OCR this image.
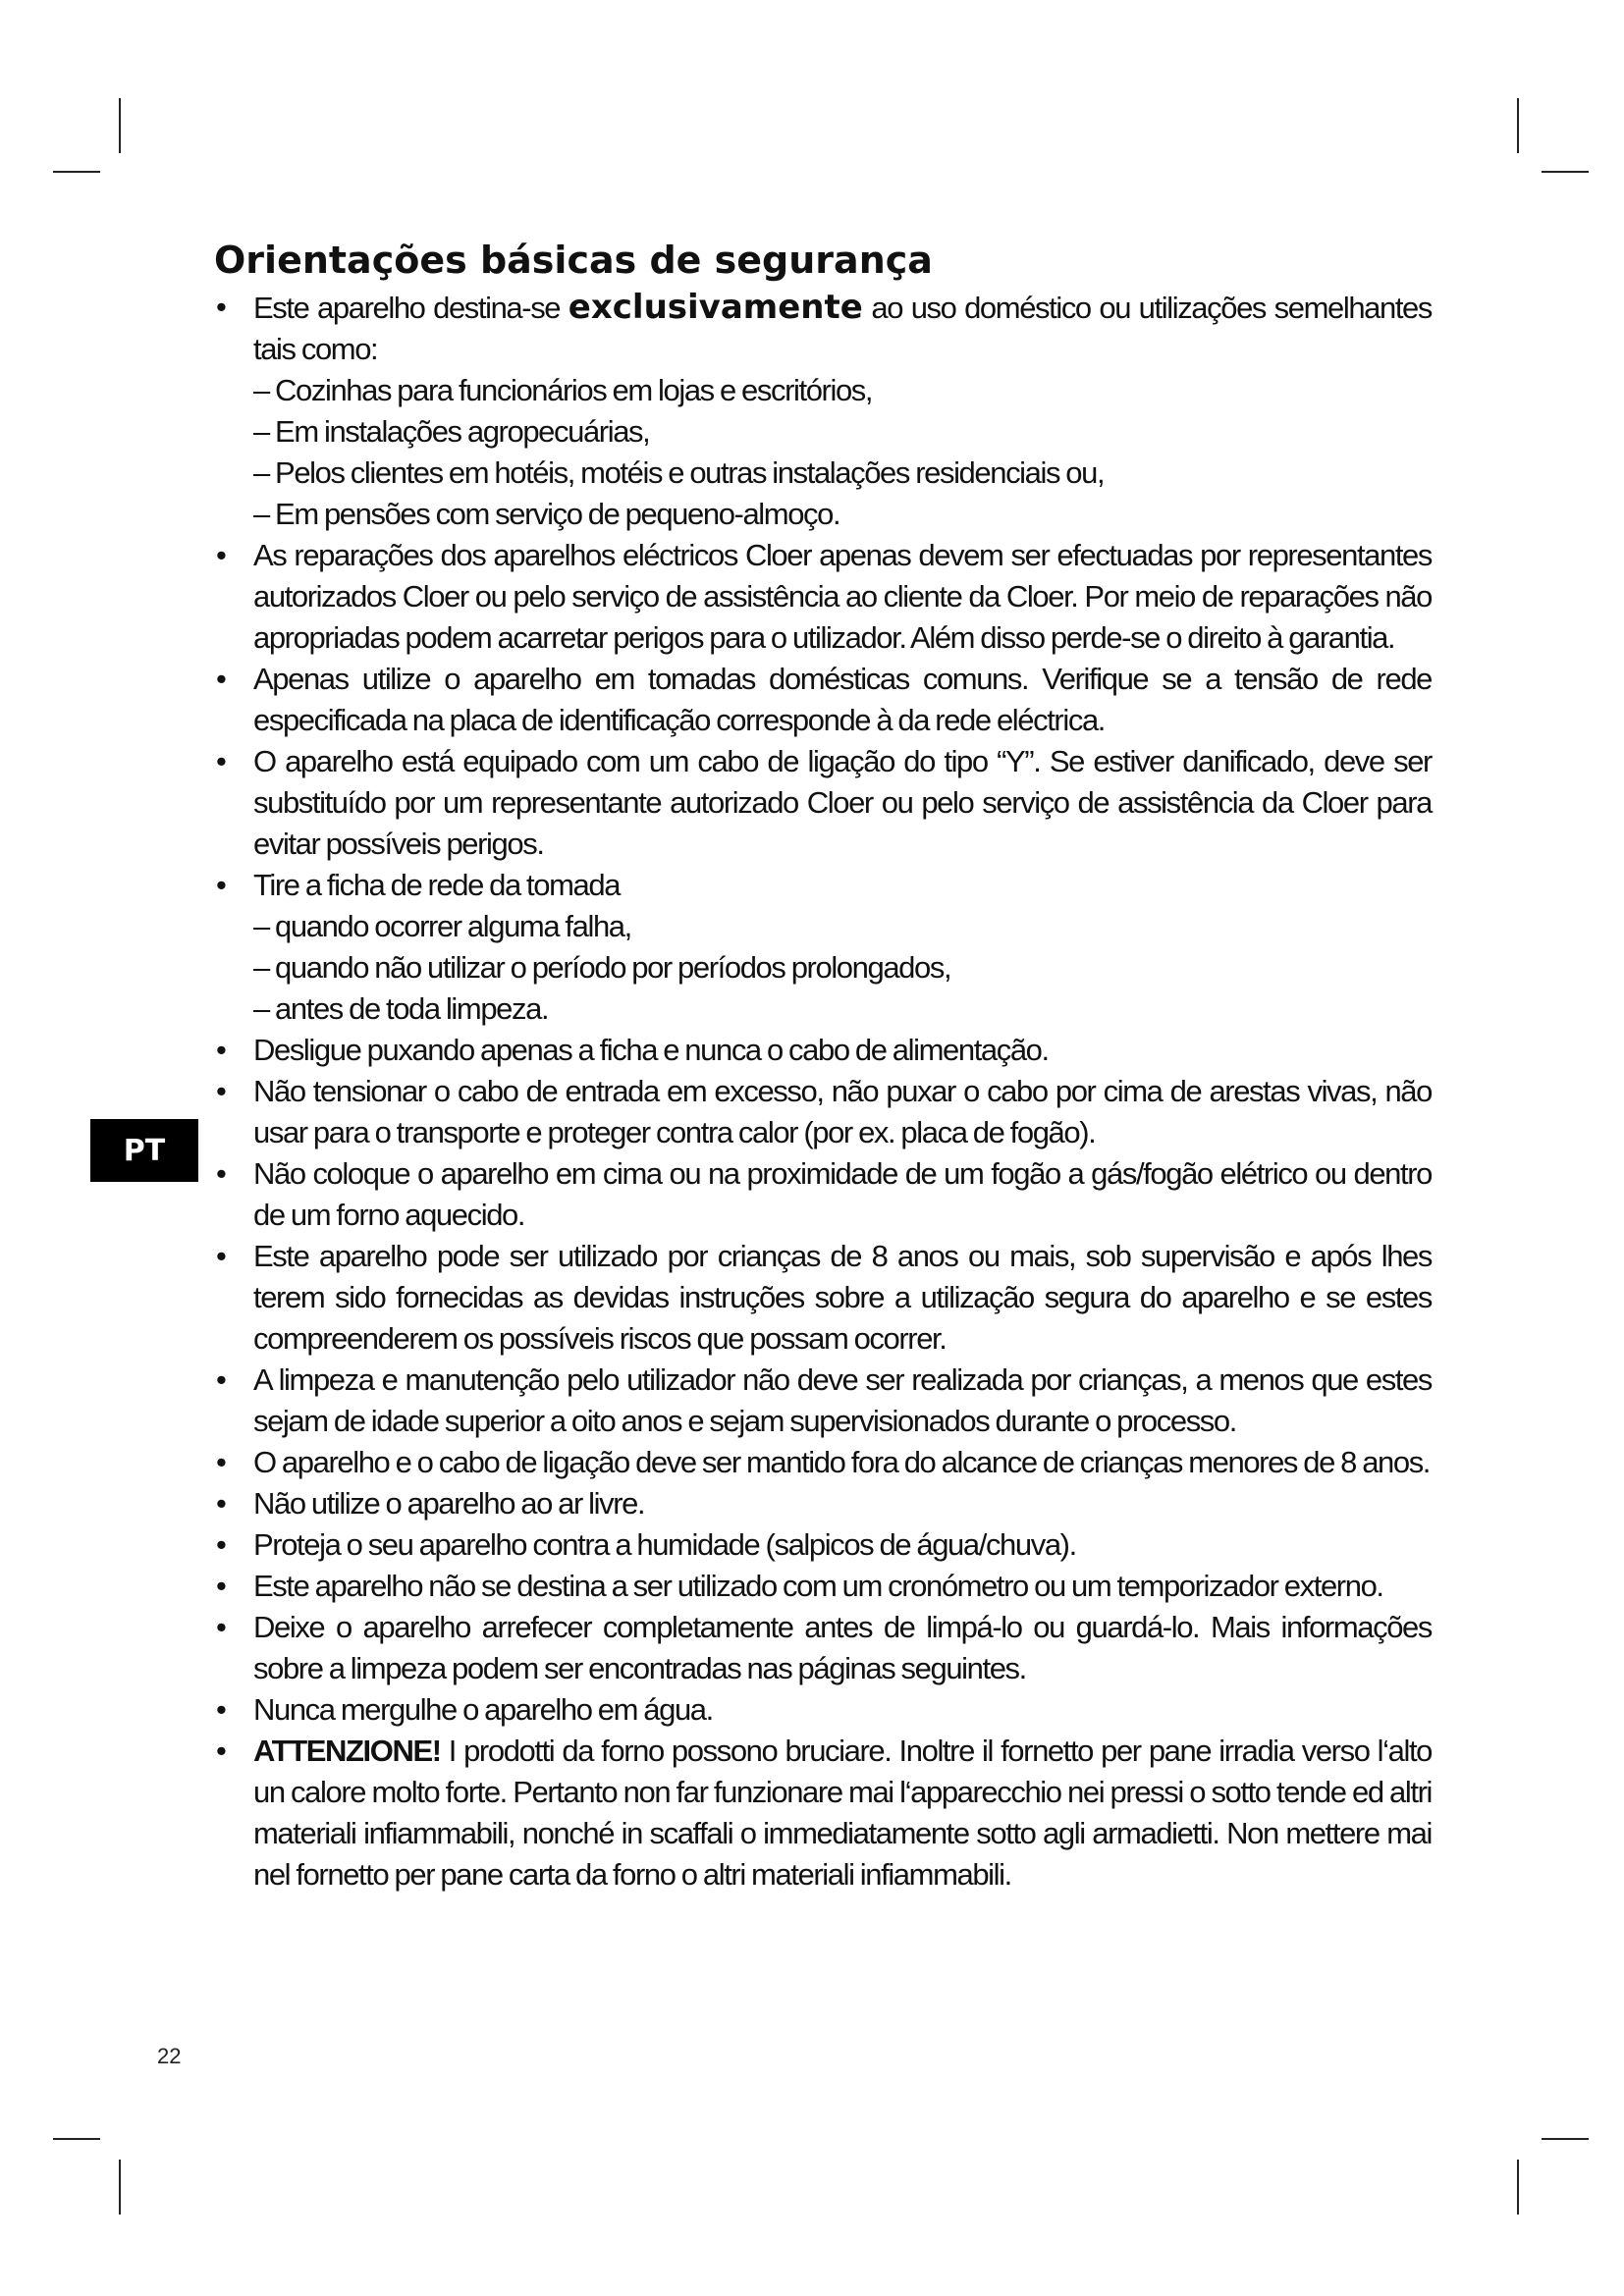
PT
Orientações básicas de segurança
• Este aparelho destina-se exclusivamente ao uso doméstico ou utilizações semelhantes tais como:
– Cozinhas para funcionários em lojas e escritórios,
– Em instalações agropecuárias,
– Pelos clientes em hotéis, motéis e outras instalações residenciais ou,
– Em pensões com serviço de pequeno-almoço.
• As reparações dos aparelhos eléctricos Cloer apenas devem ser efectuadas por representantes autorizados Cloer ou pelo serviço de assistência ao cliente da Cloer. Por meio de reparações não apropriadas podem acarretar perigos para o utilizador. Além disso perde-se o direito à garantia.
• Apenas utilize o aparelho em tomadas domésticas comuns. Verifique se a tensão de rede especificada na placa de identificação corresponde à da rede eléctrica.
• O aparelho está equipado com um cabo de ligação do tipo “Y”. Se estiver danificado, deve ser substituído por um representante autorizado Cloer ou pelo serviço de assistência da Cloer para evitar possíveis perigos.
• Tire a ficha de rede da tomada
– quando ocorrer alguma falha,
– quando não utilizar o período por períodos prolongados,
– antes de toda limpeza.
• Desligue puxando apenas a ficha e nunca o cabo de alimentação.
• Não tensionar o cabo de entrada em excesso, não puxar o cabo por cima de arestas vivas, não usar para o transporte e proteger contra calor (por ex. placa de fogão).
• Não coloque o aparelho em cima ou na proximidade de um fogão a gás/fogão elétrico ou dentro de um forno aquecido.
• Este aparelho pode ser utilizado por crianças de 8 anos ou mais, sob supervisão e após lhes terem sido fornecidas as devidas instruções sobre a utilização segura do aparelho e se estes compreenderem os possíveis riscos que possam ocorrer.
• A limpeza e manutenção pelo utilizador não deve ser realizada por crianças, a menos que estes sejam de idade superior a oito anos e sejam supervisionados durante o processo.
• O aparelho e o cabo de ligação deve ser mantido fora do alcance de crianças menores de 8 anos.
• Não utilize o aparelho ao ar livre.
• Proteja o seu aparelho contra a humidade (salpicos de água/chuva).
• Este aparelho não se destina a ser utilizado com um cronómetro ou um temporizador externo.
• Deixe o aparelho arrefecer completamente antes de limpá-lo ou guardá-lo. Mais informações sobre a limpeza podem ser encontradas nas páginas seguintes.
• Nunca mergulhe o aparelho em água.
• ATTENZIONE! I prodotti da forno possono bruciare. Inoltre il fornetto per pane irradia verso l‘alto un calore molto forte. Pertanto non far funzionare mai l‘apparecchio nei pressi o sotto tende ed altri materiali infiammabili, nonché in scaffali o immediatamente sotto agli armadietti. Non mettere mai nel fornetto per pane carta da forno o altri materiali infiammabili.
22
